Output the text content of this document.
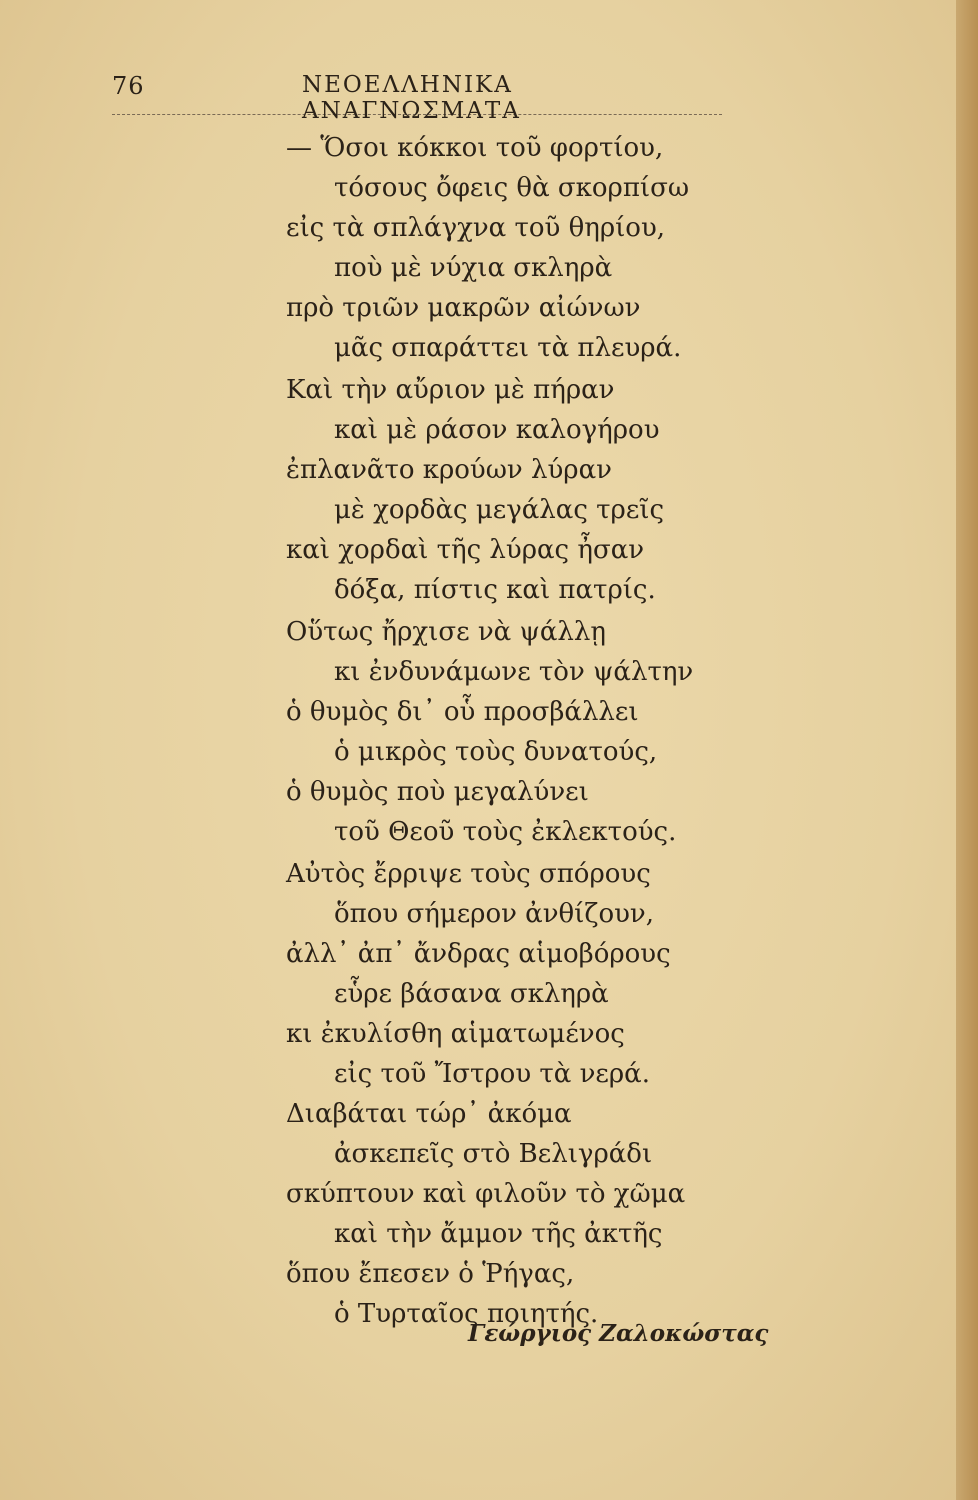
76	ΝΕΟΕΛΛΗΝΙΚΑ ΑΝΑΓΝΩΣΜΑΤΑ
— Ὅσοι κόκκοι τοῦ φορτίου,
τόσους ὄφεις θὰ σκορπίσω
εἰς τὰ σπλάγχνα τοῦ θηρίου,
ποὺ μὲ νύχια σκληρὰ
πρὸ τριῶν μακρῶν αἰώνων
μᾶς σπαράττει τὰ πλευρά.
Καὶ τὴν αὔριον μὲ πήραν
καὶ μὲ ράσον καλογήρου
ἐπλανᾶτο κρούων λύραν
μὲ χορδὰς μεγάλας τρεῖς
καὶ χορδαὶ τῆς λύρας ἦσαν
δόξα, πίστις καὶ πατρίς.
Οὕτως ἤρχισε νὰ ψάλλῃ
κι ἐνδυνάμωνε τὸν ψάλτην
ὁ θυμὸς δι᾽ οὗ προσβάλλει
ὁ μικρὸς τοὺς δυνατούς,
ὁ θυμὸς ποὺ μεγαλύνει
τοῦ Θεοῦ τοὺς ἐκλεκτούς.
Αὐτὸς ἔρριψε τοὺς σπόρους
ὅπου σήμερον ἀνθίζουν,
ἀλλ᾽ ἀπ᾽ ἄνδρας αἱμοβόρους
εὗρε βάσανα σκληρὰ
κι ἐκυλίσθη αἱματωμένος
εἰς τοῦ Ἴστρου τὰ νερά.
Διαβάται τώρ᾽ ἀκόμα
ἀσκεπεῖς στὸ Βελιγράδι
σκύπτουν καὶ φιλοῦν τὸ χῶμα
καὶ τὴν ἄμμον τῆς ἀκτῆς
ὅπου ἔπεσεν ὁ Ῥήγας,
ὁ Τυρταῖος ποιητής.
Γεώργιος Ζαλοκώστας
